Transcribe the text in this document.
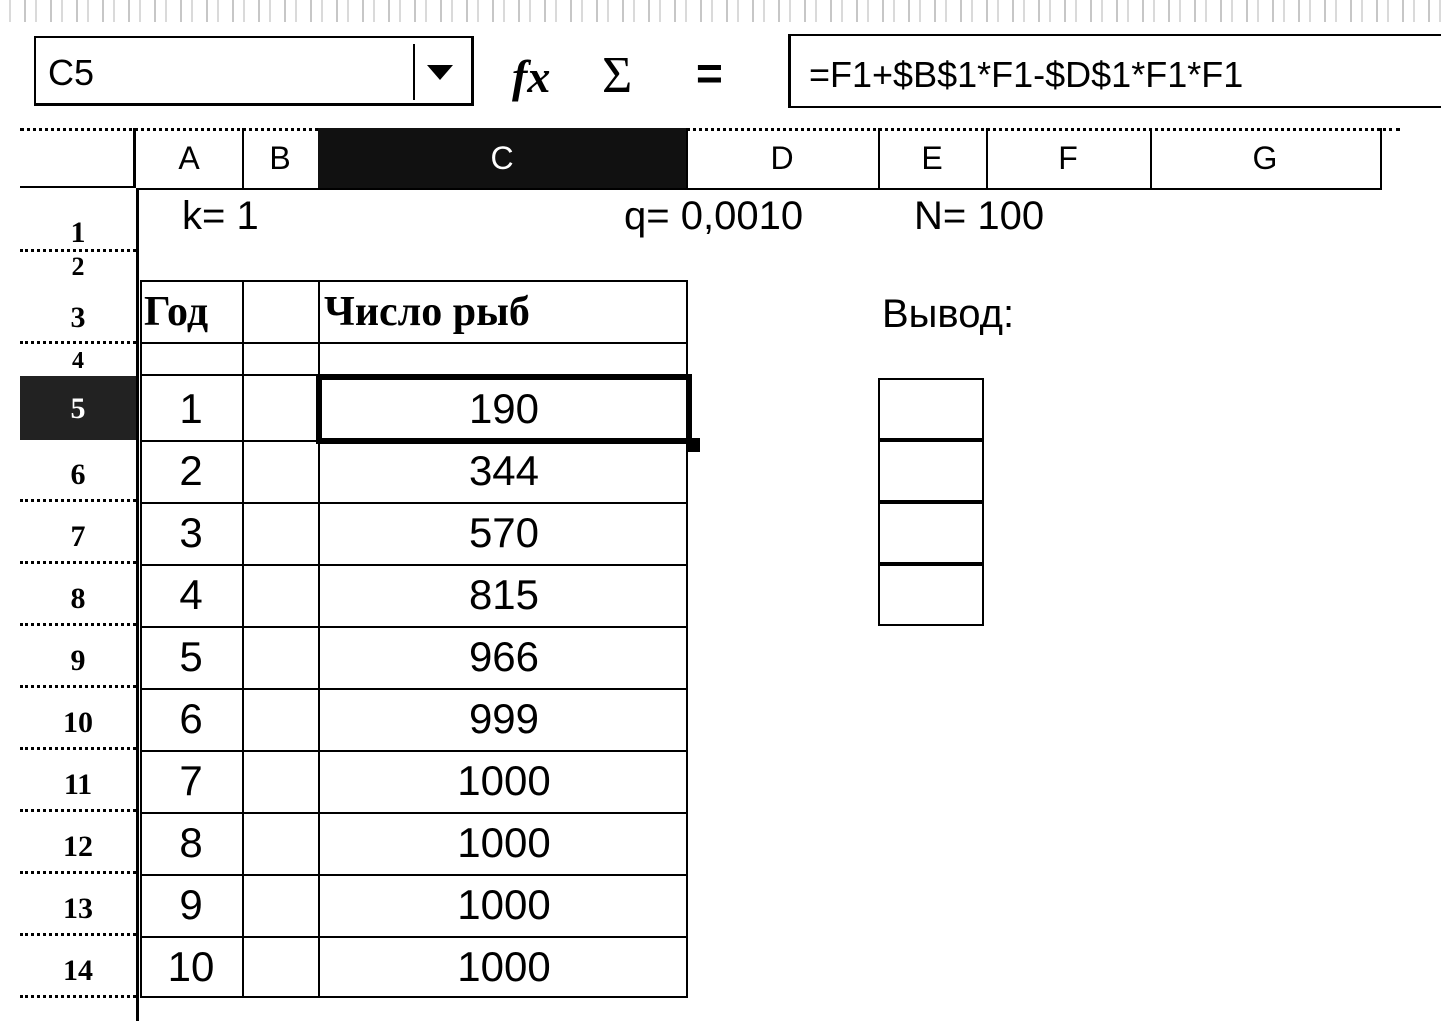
C5	fx Σ =	=F1+$B$1*F1-$D$1*F1*F1
A	B	C	D	E	F	G
1
2
3
4
5
6
7
8
9
10
11
12
13
14
k= 1	q= 0,0010	N= 100
Вывод:
Год	Число рыб
1	190
2	344
3	570
4	815
5	966
6	999
7	1000
8	1000
9	1000
10	1000
